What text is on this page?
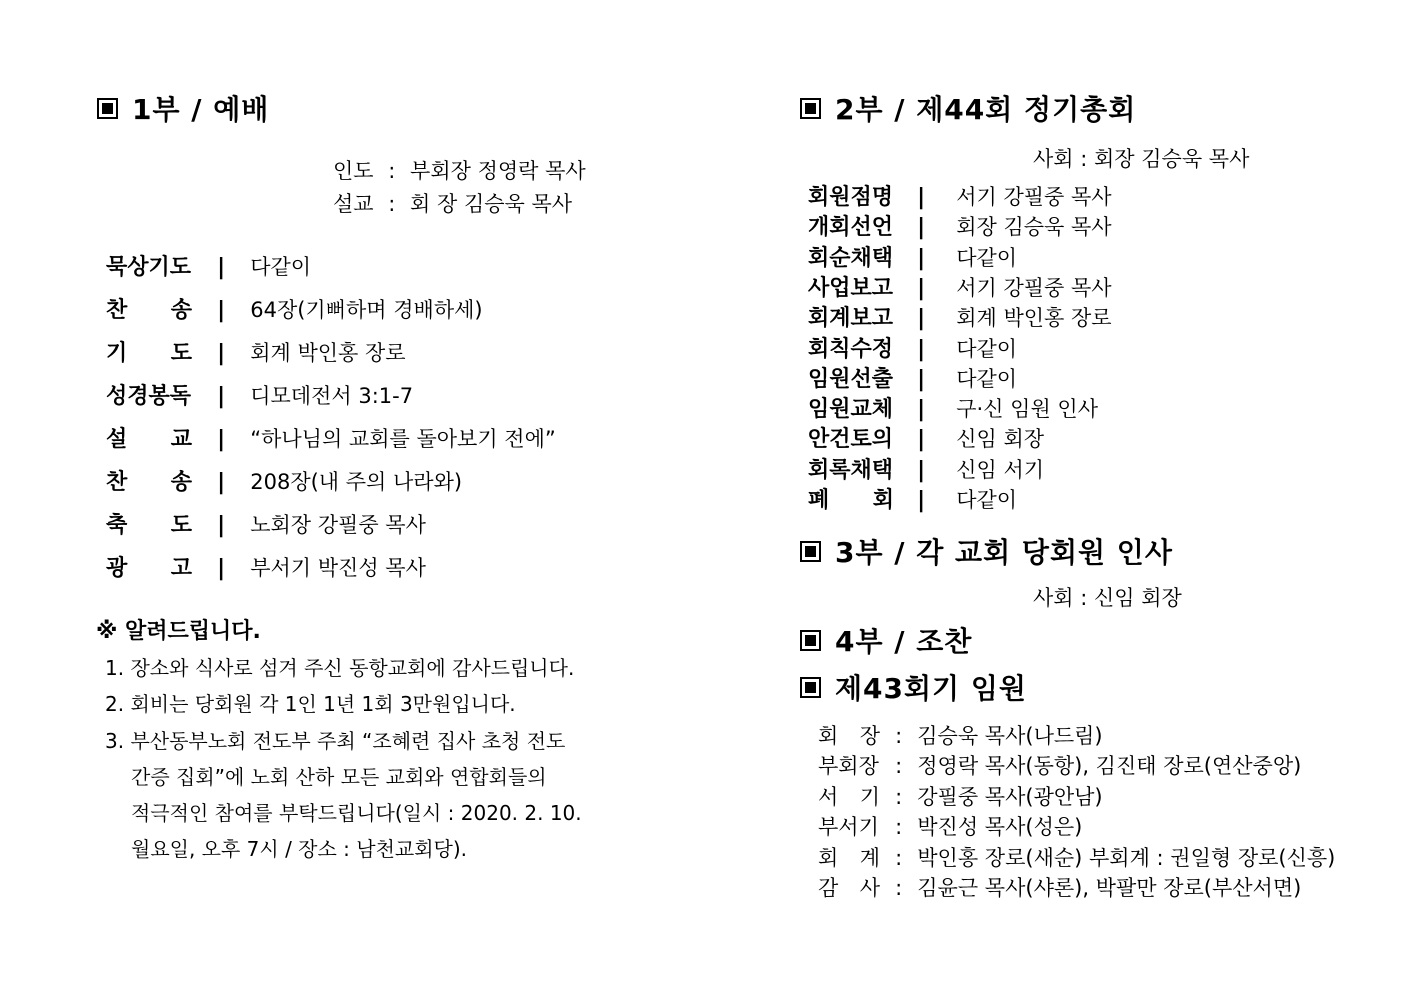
1부 / 예배
인도 : 부회장 정영락 목사
설교 : 회 장 김승욱 목사
묵상기도 | 다같이
찬 송 | 64장(기뻐하며 경배하세)
기 도 | 회계 박인홍 장로
성경봉독 | 디모데전서 3:1-7
설 교 | “하나님의 교회를 돌아보기 전에”
찬 송 | 208장(내 주의 나라와)
축 도 | 노회장 강필중 목사
광 고 | 부서기 박진성 목사
※ 알려드립니다.
1. 장소와 식사로 섬겨 주신 동항교회에 감사드립니다.
2. 회비는 당회원 각 1인 1년 1회 3만원입니다.
3. 부산동부노회 전도부 주최 “조혜련 집사 초청 전도
간증 집회”에 노회 산하 모든 교회와 연합회들의
적극적인 참여를 부탁드립니다(일시 : 2020. 2. 10.
월요일, 오후 7시 / 장소 : 남천교회당).
2부 / 제44회 정기총회
사회 : 회장 김승욱 목사
회원점명 | 서기 강필중 목사
개회선언 | 회장 김승욱 목사
회순채택 | 다같이
사업보고 | 서기 강필중 목사
회계보고 | 회계 박인홍 장로
회칙수정 | 다같이
임원선출 | 다같이
임원교체 | 구·신 임원 인사
안건토의 | 신임 회장
회록채택 | 신임 서기
폐 회 | 다같이
3부 / 각 교회 당회원 인사
사회 : 신임 회장
4부 / 조찬
제43회기 임원
회 장 : 김승욱 목사(나드림)
부회장 : 정영락 목사(동항), 김진태 장로(연산중앙)
서 기 : 강필중 목사(광안남)
부서기 : 박진성 목사(성은)
회 계 : 박인홍 장로(새순) 부회계 : 권일형 장로(신흥)
감 사 : 김윤근 목사(샤론), 박팔만 장로(부산서면)
